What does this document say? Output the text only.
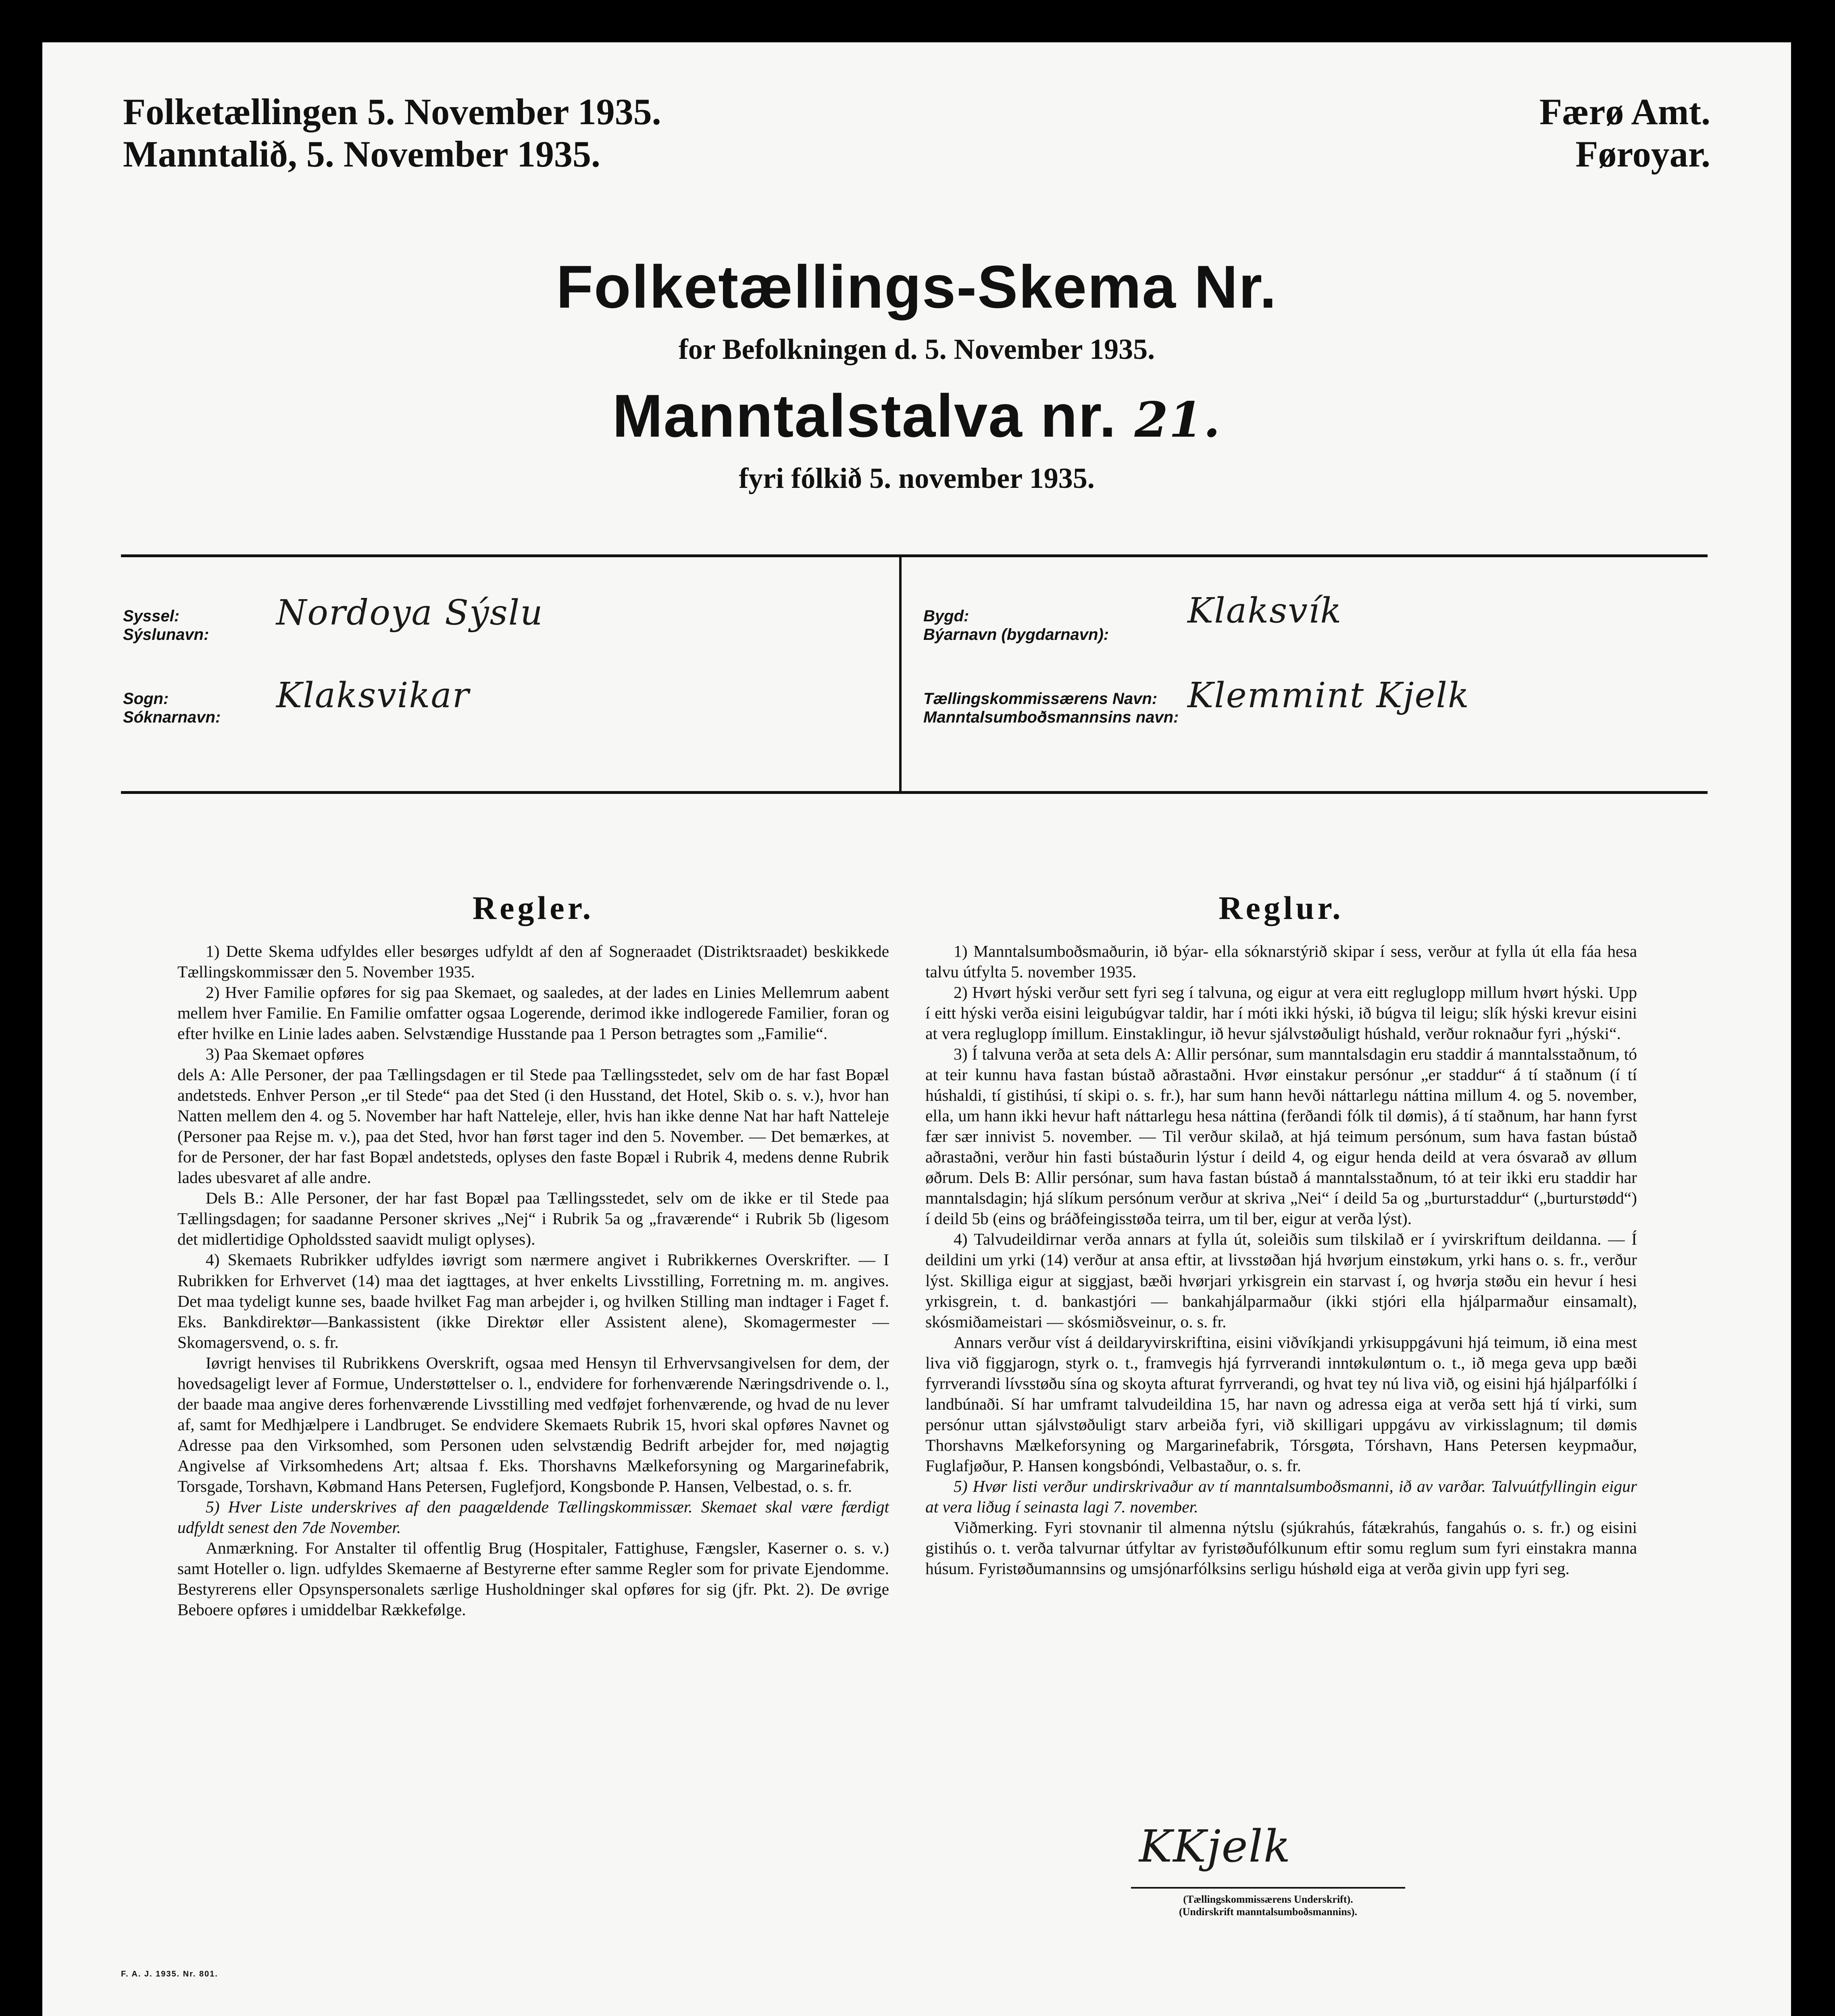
Folketællingen 5. November 1935.
Manntalið, 5. November 1935.
Færø Amt.
Føroyar.
Folketællings-Skema Nr.
for Befolkningen d. 5. November 1935.
Manntalstalva nr. 21.
fyri fólkið 5. november 1935.
Syssel:
Sýslunavn:
Nordoya Sýslu
Sogn:
Sóknarnavn:
Klaksvikar
Bygd:
Býarnavn (bygdarnavn):
Klaksvík
Tællingskommissærens Navn:
Manntalsumboðsmannsins navn:
Klemmint Kjelk
Regler.

1) Dette Skema udfyldes eller besørges udfyldt af den af Sogneraadet (Distriktsraadet) beskikkede Tællingskommissær den 5. November 1935.

2) Hver Familie opføres for sig paa Skemaet, og saaledes, at der lades en Linies Mellemrum aabent mellem hver Familie. En Familie omfatter ogsaa Logerende, derimod ikke indlogerede Familier, foran og efter hvilke en Linie lades aaben. Selvstændige Husstande paa 1 Person betragtes som „Familie“.

3) Paa Skemaet opføres

dels A: Alle Personer, der paa Tællingsdagen er til Stede paa Tællingsstedet, selv om de har fast Bopæl andetsteds. Enhver Person „er til Stede“ paa det Sted (i den Husstand, det Hotel, Skib o. s. v.), hvor han Natten mellem den 4. og 5. November har haft Natteleje, eller, hvis han ikke denne Nat har haft Natteleje (Personer paa Rejse m. v.), paa det Sted, hvor han først tager ind den 5. November. — Det bemærkes, at for de Personer, der har fast Bopæl andetsteds, oplyses den faste Bopæl i Rubrik 4, medens denne Rubrik lades ubesvaret af alle andre.

Dels B.: Alle Personer, der har fast Bopæl paa Tællingsstedet, selv om de ikke er til Stede paa Tællingsdagen; for saadanne Personer skrives „Nej“ i Rubrik 5a og „fraværende“ i Rubrik 5b (ligesom det midlertidige Opholdssted saavidt muligt oplyses).

4) Skemaets Rubrikker udfyldes iøvrigt som nærmere angivet i Rubrikkernes Overskrifter. — I Rubrikken for Erhvervet (14) maa det iagttages, at hver enkelts Livsstilling, Forretning m. m. angives. Det maa tydeligt kunne ses, baade hvilket Fag man arbejder i, og hvilken Stilling man indtager i Faget f. Eks. Bankdirektør—Bankassistent (ikke Direktør eller Assistent alene), Skomagermester — Skomagersvend, o. s. fr.

Iøvrigt henvises til Rubrikkens Overskrift, ogsaa med Hensyn til Erhvervsangivelsen for dem, der hovedsageligt lever af Formue, Understøttelser o. l., endvidere for forhenværende Næringsdrivende o. l., der baade maa angive deres forhenværende Livsstilling med vedføjet forhenværende, og hvad de nu lever af, samt for Medhjælpere i Landbruget. Se endvidere Skemaets Rubrik 15, hvori skal opføres Navnet og Adresse paa den Virksomhed, som Personen uden selvstændig Bedrift arbejder for, med nøjagtig Angivelse af Virksomhedens Art; altsaa f. Eks. Thorshavns Mælkeforsyning og Margarinefabrik, Torsgade, Torshavn, Købmand Hans Petersen, Fuglefjord, Kongsbonde P. Hansen, Velbestad, o. s. fr.

5) Hver Liste underskrives af den paagældende Tællingskommissær. Skemaet skal være færdigt udfyldt senest den 7de November.

Anmærkning. For Anstalter til offentlig Brug (Hospitaler, Fattighuse, Fængsler, Kaserner o. s. v.) samt Hoteller o. lign. udfyldes Skemaerne af Bestyrerne efter samme Regler som for private Ejendomme. Bestyrerens eller Opsynspersonalets særlige Husholdninger skal opføres for sig (jfr. Pkt. 2). De øvrige Beboere opføres i umiddelbar Rækkefølge.

Reglur.

1) Manntalsumboðsmaðurin, ið býar- ella sóknarstýrið skipar í sess, verður at fylla út ella fáa hesa talvu útfylta 5. november 1935.

2) Hvørt hýski verður sett fyri seg í talvuna, og eigur at vera eitt regluglopp millum hvørt hýski. Upp í eitt hýski verða eisini leigubúgvar taldir, har í móti ikki hýski, ið búgva til leigu; slík hýski krevur eisini at vera regluglopp ímillum. Einstaklingur, ið hevur sjálvstøðuligt húshald, verður roknaður fyri „hýski“.

3) Í talvuna verða at seta dels A: Allir persónar, sum manntalsdagin eru staddir á manntalsstaðnum, tó at teir kunnu hava fastan bústað aðrastaðni. Hvør einstakur persónur „er staddur“ á tí staðnum (í tí húshaldi, tí gistihúsi, tí skipi o. s. fr.), har sum hann hevði náttarlegu náttina millum 4. og 5. november, ella, um hann ikki hevur haft náttarlegu hesa náttina (ferðandi fólk til dømis), á tí staðnum, har hann fyrst fær sær innivist 5. november. — Til verður skilað, at hjá teimum persónum, sum hava fastan bústað aðrastaðni, verður hin fasti bústaðurin lýstur í deild 4, og eigur henda deild at vera ósvarað av øllum øðrum. Dels B: Allir persónar, sum hava fastan bústað á manntalsstaðnum, tó at teir ikki eru staddir har manntalsdagin; hjá slíkum persónum verður at skriva „Nei“ í deild 5a og „burturstaddur“ („burturstødd“) í deild 5b (eins og bráðfeingisstøða teirra, um til ber, eigur at verða lýst).

4) Talvudeildirnar verða annars at fylla út, soleiðis sum tilskilað er í yvirskriftum deildanna. — Í deildini um yrki (14) verður at ansa eftir, at livsstøðan hjá hvørjum einstøkum, yrki hans o. s. fr., verður lýst. Skilliga eigur at siggjast, bæði hvørjari yrkisgrein ein starvast í, og hvørja støðu ein hevur í hesi yrkisgrein, t. d. bankastjóri — bankahjálparmaður (ikki stjóri ella hjálparmaður einsamalt), skósmiðameistari — skósmiðsveinur, o. s. fr.

Annars verður víst á deildaryvirskriftina, eisini viðvíkjandi yrkisuppgávuni hjá teimum, ið eina mest liva við figgjarogn, styrk o. t., framvegis hjá fyrrverandi inntøkuløntum o. t., ið mega geva upp bæði fyrrverandi lívsstøðu sína og skoyta afturat fyrrverandi, og hvat tey nú liva við, og eisini hjá hjálparfólki í landbúnaði. Sí har umframt talvudeildina 15, har navn og adressa eiga at verða sett hjá tí virki, sum persónur uttan sjálvstøðuligt starv arbeiða fyri, við skilligari uppgávu av virkisslagnum; til dømis Thorshavns Mælkeforsyning og Margarinefabrik, Tórsgøta, Tórshavn, Hans Petersen keypmaður, Fuglafjøður, P. Hansen kongsbóndi, Velbastaður, o. s. fr.

5) Hvør listi verður undirskrivaður av tí manntalsumboðsmanni, ið av varðar. Talvuútfyllingin eigur at vera liðug í seinasta lagi 7. november.

Viðmerking. Fyri stovnanir til almenna nýtslu (sjúkrahús, fátækrahús, fangahús o. s. fr.) og eisini gistihús o. t. verða talvurnar útfyltar av fyristøðufólkunum eftir somu reglum sum fyri einstakra manna húsum. Fyristøðumannsins og umsjónarfólksins serligu húshøld eiga at verða givin upp fyri seg.

KKjelk
(Tællingskommissærens Underskrift).
(Undirskrift manntalsumboðsmannins).
F. A. J. 1935. Nr. 801.
